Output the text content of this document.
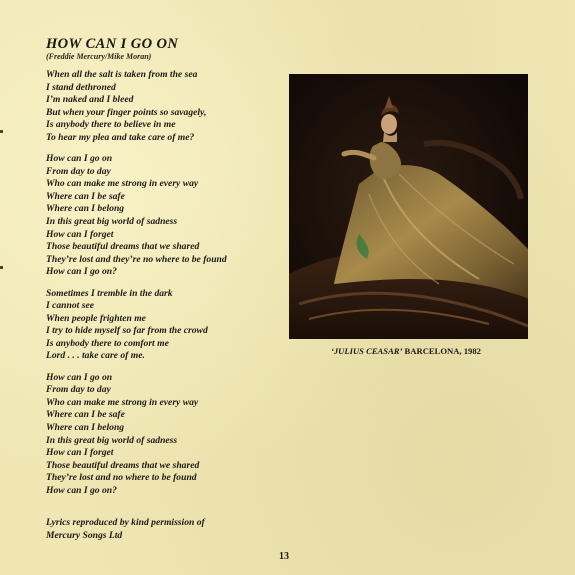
HOW CAN I GO ON

(Freddie Mercury/Mike Moran)

When all the salt is taken from the sea
I stand dethroned
I’m naked and I bleed
But when your finger points so savagely,
Is anybody there to believe in me
To hear my plea and take care of me?
How can I go on
From day to day
Who can make me strong in every way
Where can I be safe
Where can I belong
In this great big world of sadness
How can I forget
Those beautiful dreams that we shared
They’re lost and they’re no where to be found
How can I go on?
Sometimes I tremble in the dark
I cannot see
When people frighten me
I try to hide myself so far from the crowd
Is anybody there to comfort me
Lord . . . take care of me.
How can I go on
From day to day
Who can make me strong in every way
Where can I be safe
Where can I belong
In this great big world of sadness
How can I forget
Those beautiful dreams that we shared
They’re lost and no where to be found
How can I go on?
Lyrics reproduced by kind permission of
Mercury Songs Ltd
‘JULIUS CEASAR’ BARCELONA, 1982
13
